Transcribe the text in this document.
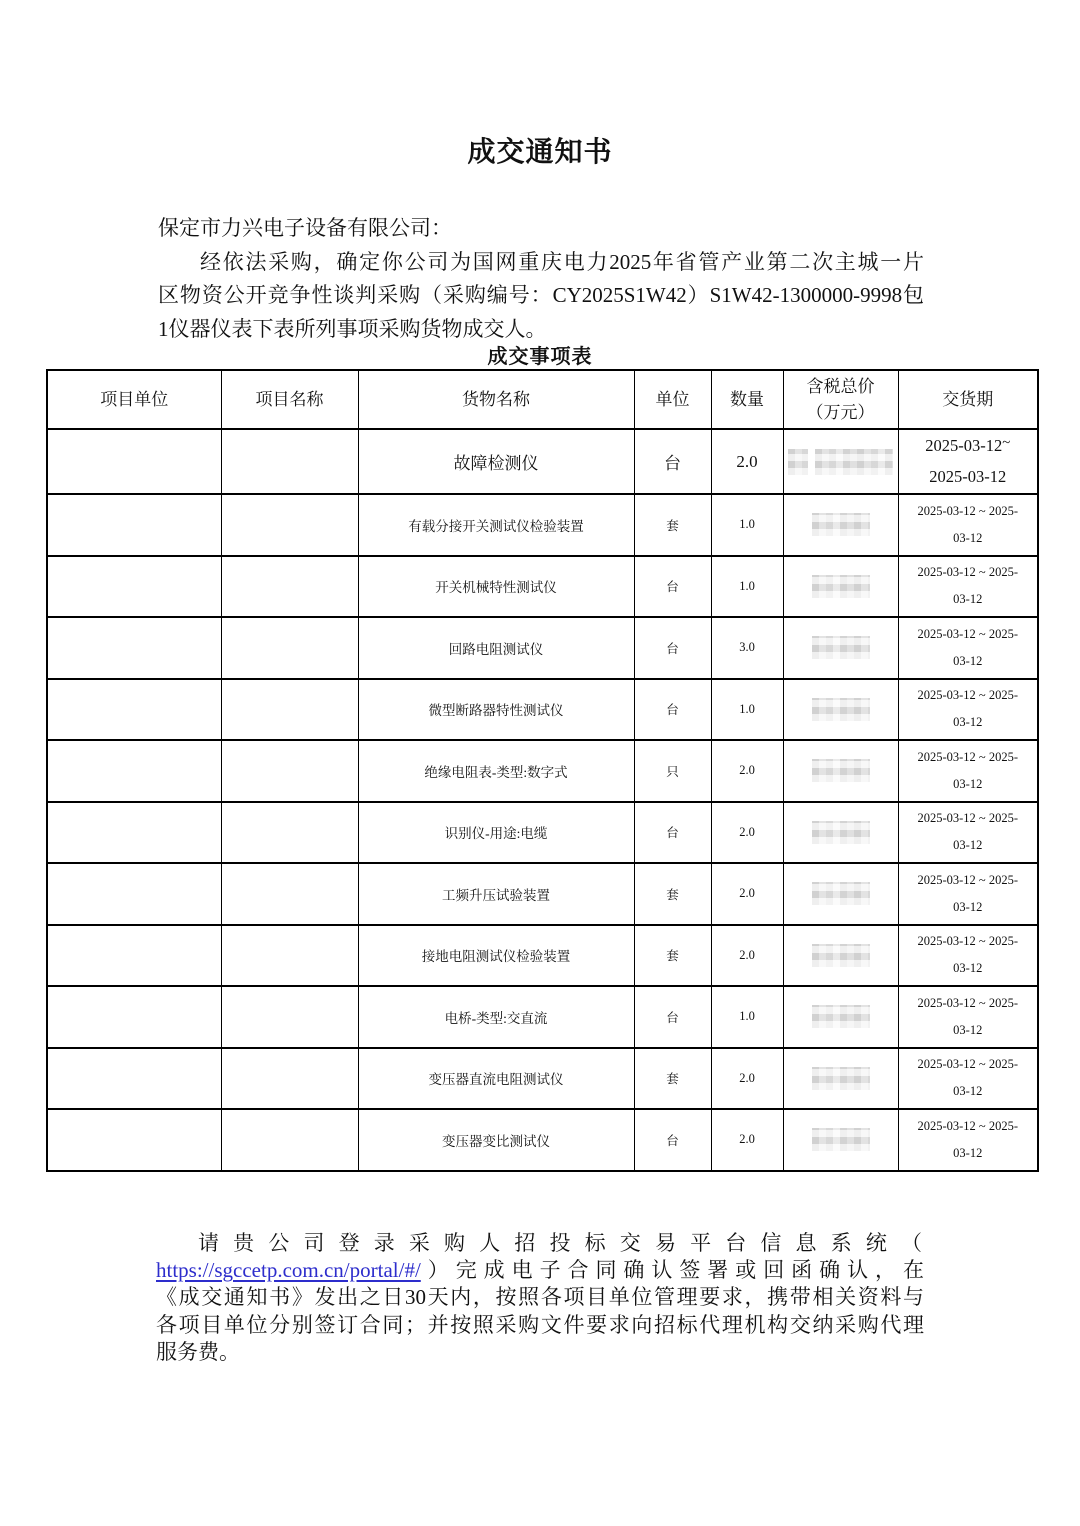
成交通知书
保定市力兴电子设备有限公司：
经依法采购，确定你公司为国网重庆电力2025年省管产业第二次主城一片
区物资公开竞争性谈判采购（采购编号：CY2025S1W42）S1W42-1300000-9998包
1仪器仪表下表所列事项采购货物成交人。
成交事项表
项目单位	项目名称	货物名称	单位	数量	含税总价
（万元）	交货期
		故障检测仪	台	2.0		2025-03-12~
2025-03-12
		有载分接开关测试仪检验装置	套	1.0		2025-03-12 ~ 2025-
03-12
		开关机械特性测试仪	台	1.0		2025-03-12 ~ 2025-
03-12
		回路电阻测试仪	台	3.0		2025-03-12 ~ 2025-
03-12
		微型断路器特性测试仪	台	1.0		2025-03-12 ~ 2025-
03-12
		绝缘电阻表-类型:数字式	只	2.0		2025-03-12 ~ 2025-
03-12
		识别仪-用途:电缆	台	2.0		2025-03-12 ~ 2025-
03-12
		工频升压试验装置	套	2.0		2025-03-12 ~ 2025-
03-12
		接地电阻测试仪检验装置	套	2.0		2025-03-12 ~ 2025-
03-12
		电桥-类型:交直流	台	1.0		2025-03-12 ~ 2025-
03-12
		变压器直流电阻测试仪	套	2.0		2025-03-12 ~ 2025-
03-12
		变压器变比测试仪	台	2.0		2025-03-12 ~ 2025-
03-12
请贵公司登录采购人招投标交易平台信息系统（
https://sgccetp.com.cn/portal/#/）完成电子合同确认签署或回函确认，在
《成交通知书》发出之日30天内，按照各项目单位管理要求，携带相关资料与
各项目单位分别签订合同；并按照采购文件要求向招标代理机构交纳采购代理
服务费。
